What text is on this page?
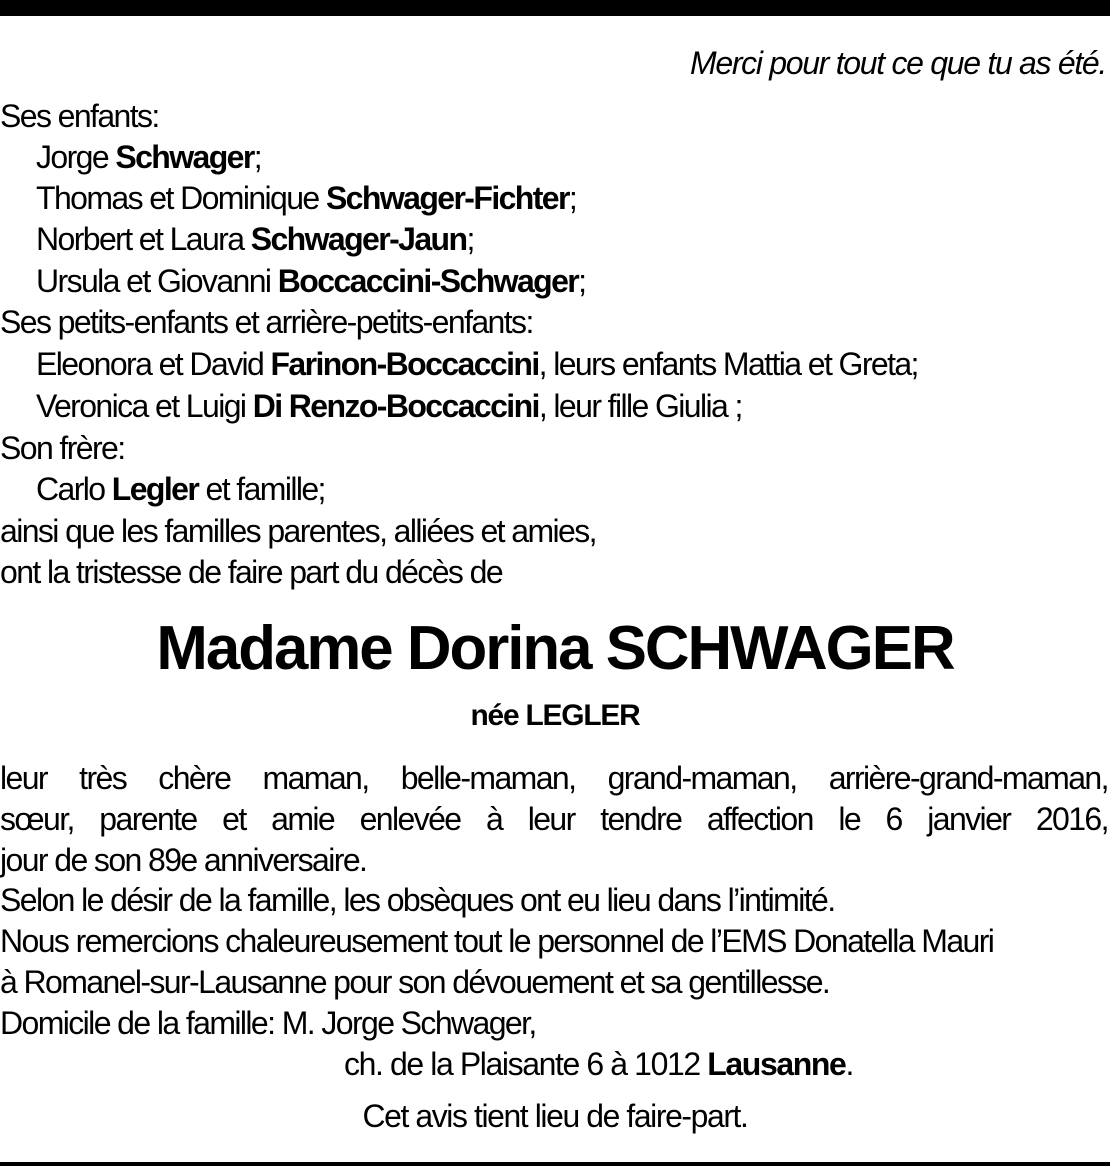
Merci pour tout ce que tu as été.
Ses enfants:
Jorge Schwager;
Thomas et Dominique Schwager-Fichter;
Norbert et Laura Schwager-Jaun;
Ursula et Giovanni Boccaccini-Schwager;
Ses petits-enfants et arrière-petits-enfants:
Eleonora et David Farinon-Boccaccini, leurs enfants Mattia et Greta;
Veronica et Luigi Di Renzo-Boccaccini, leur fille Giulia ;
Son frère:
Carlo Legler et famille;
ainsi que les familles parentes, alliées et amies,
ont la tristesse de faire part du décès de
Madame Dorina SCHWAGER
née LEGLER
leur très chère maman, belle-maman, grand-maman, arrière-grand-maman,
sœur, parente et amie enlevée à leur tendre affection le 6 janvier 2016,
jour de son 89e anniversaire.
Selon le désir de la famille, les obsèques ont eu lieu dans l’intimité.
Nous remercions chaleureusement tout le personnel de l’EMS Donatella Mauri
à Romanel-sur-Lausanne pour son dévouement et sa gentillesse.
Domicile de la famille: M. Jorge Schwager,
ch. de la Plaisante 6 à 1012 Lausanne.
Cet avis tient lieu de faire-part.
